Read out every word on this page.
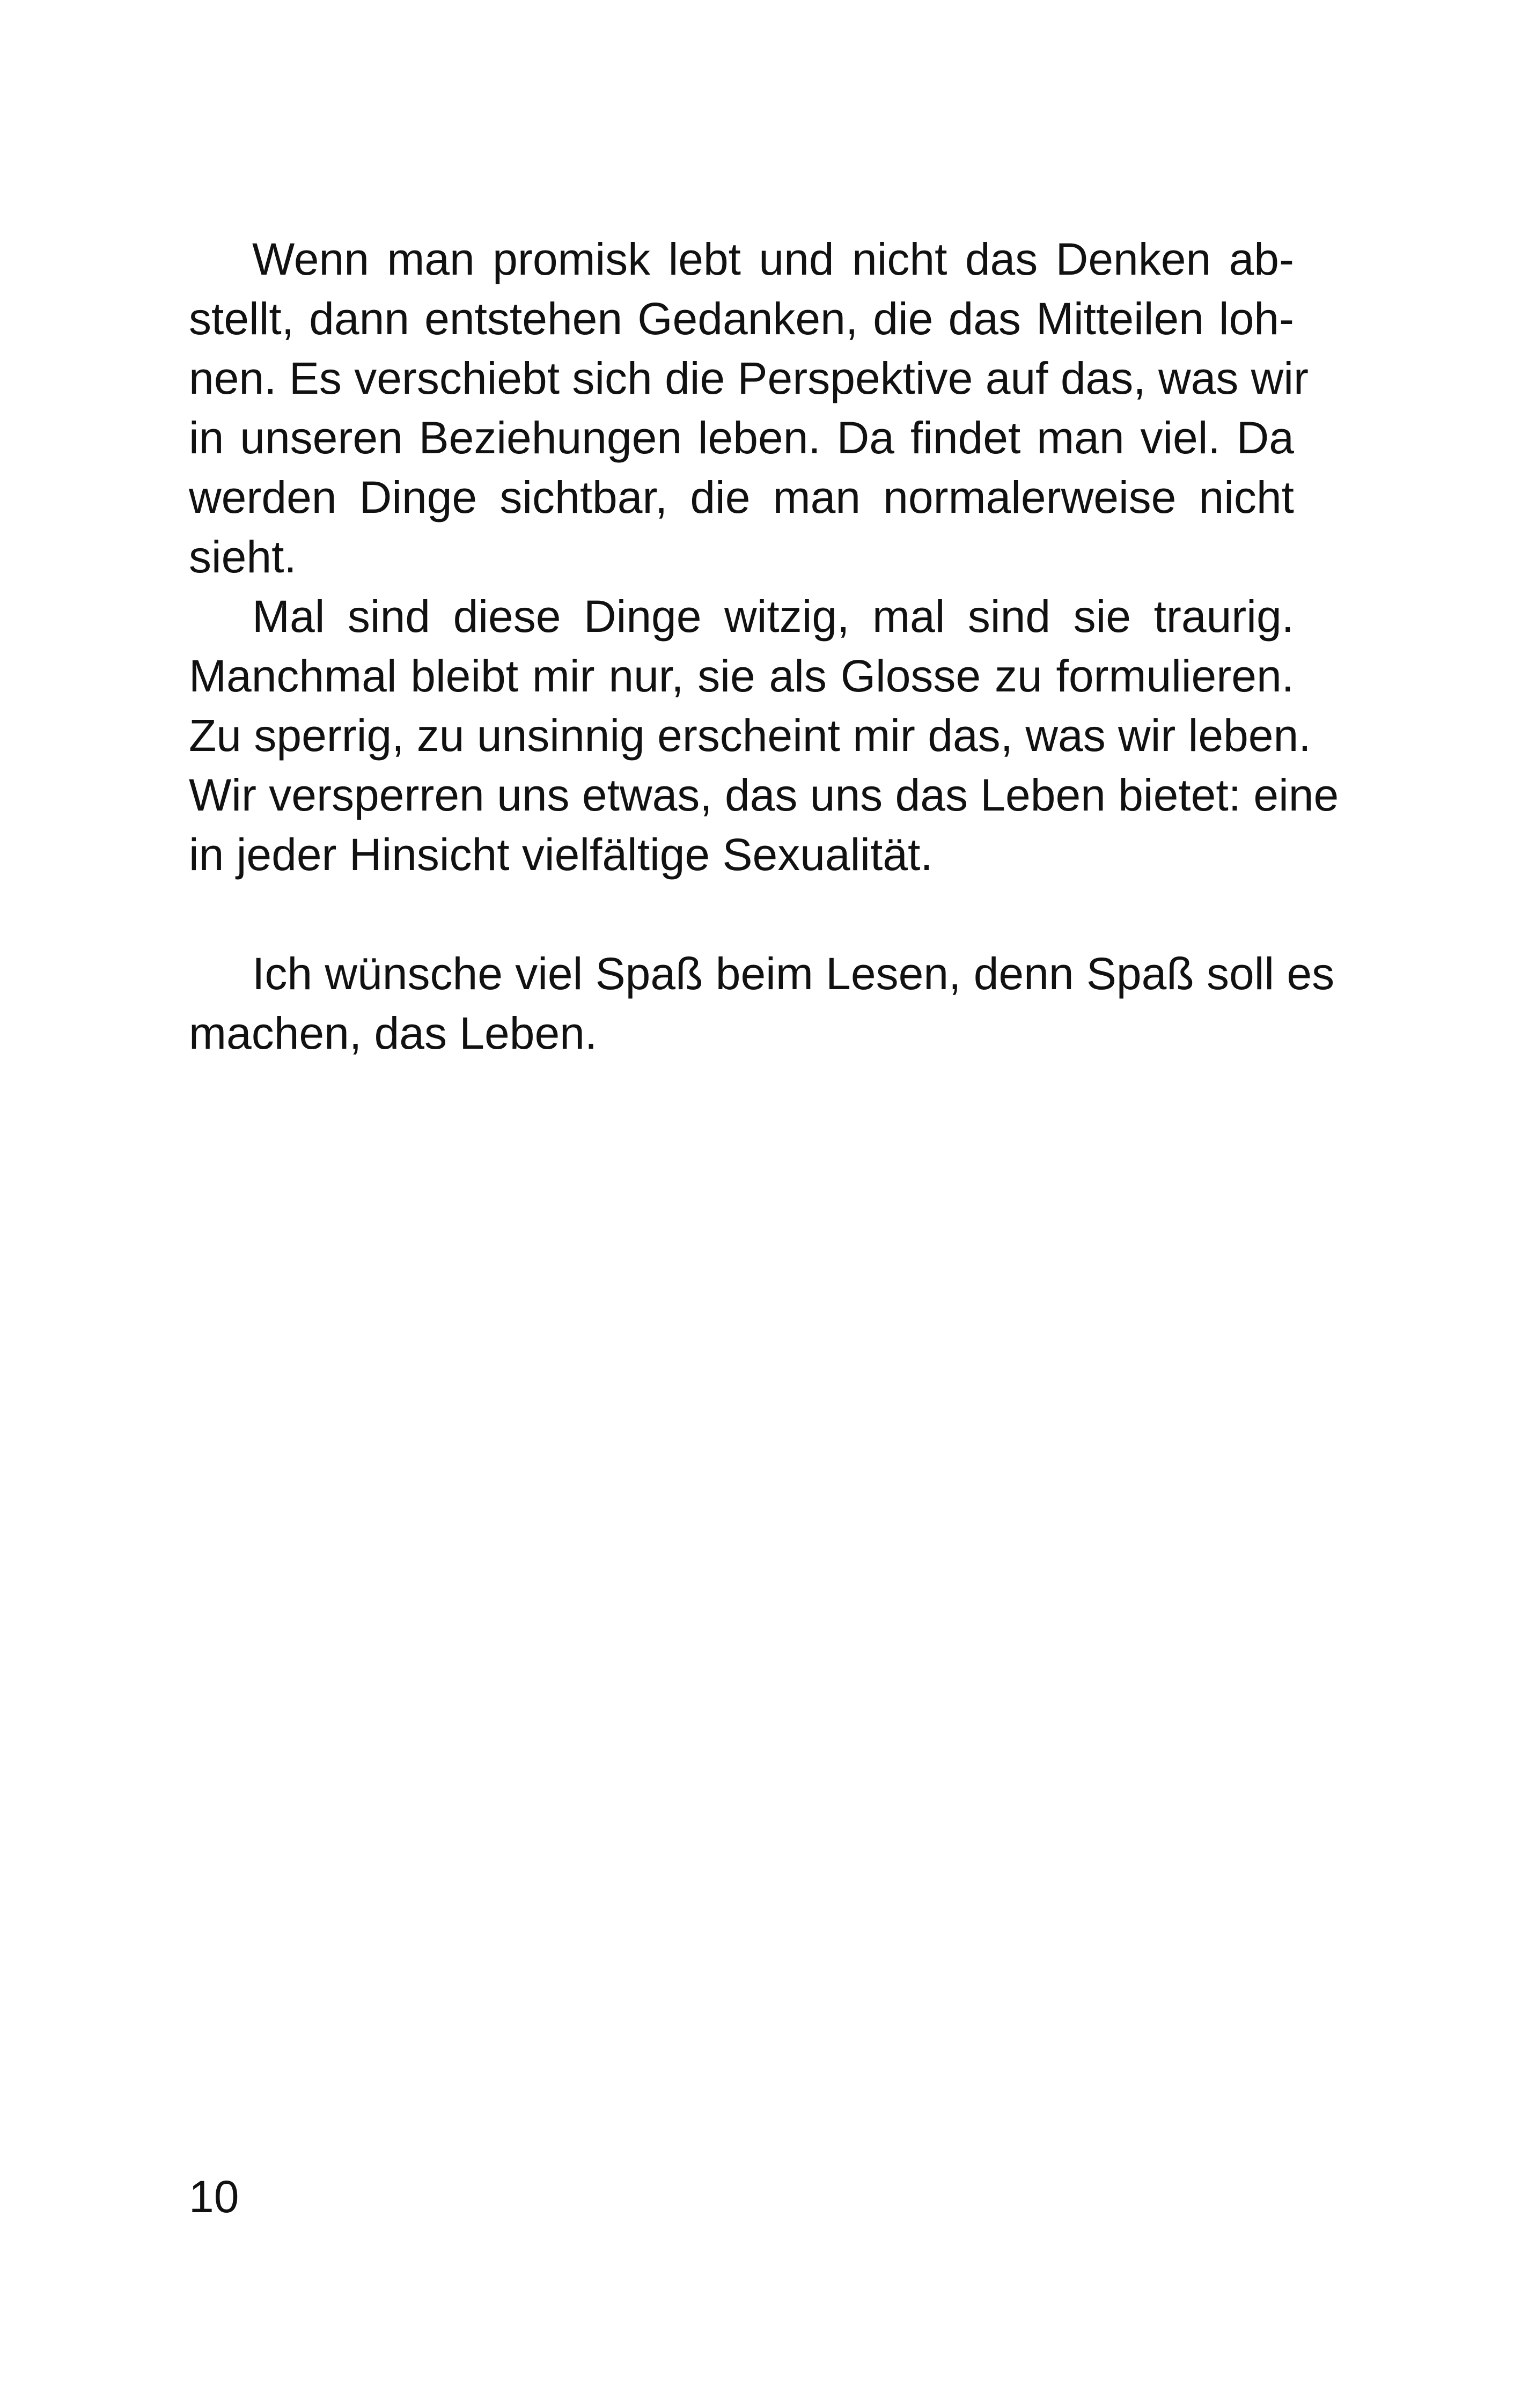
Wenn man promisk lebt und nicht das Denken ab-
stellt, dann entstehen Gedanken, die das Mitteilen loh-
nen. Es verschiebt sich die Perspektive auf das, was wir
in unseren Beziehungen leben. Da findet man viel. Da
werden Dinge sichtbar, die man normalerweise nicht
sieht.
Mal sind diese Dinge witzig, mal sind sie traurig.
Manchmal bleibt mir nur, sie als Glosse zu formulieren.
Zu sperrig, zu unsinnig erscheint mir das, was wir leben.
Wir versperren uns etwas, das uns das Leben bietet: eine
in jeder Hinsicht vielfältige Sexualität.
Ich wünsche viel Spaß beim Lesen, denn Spaß soll es
machen, das Leben.
10
